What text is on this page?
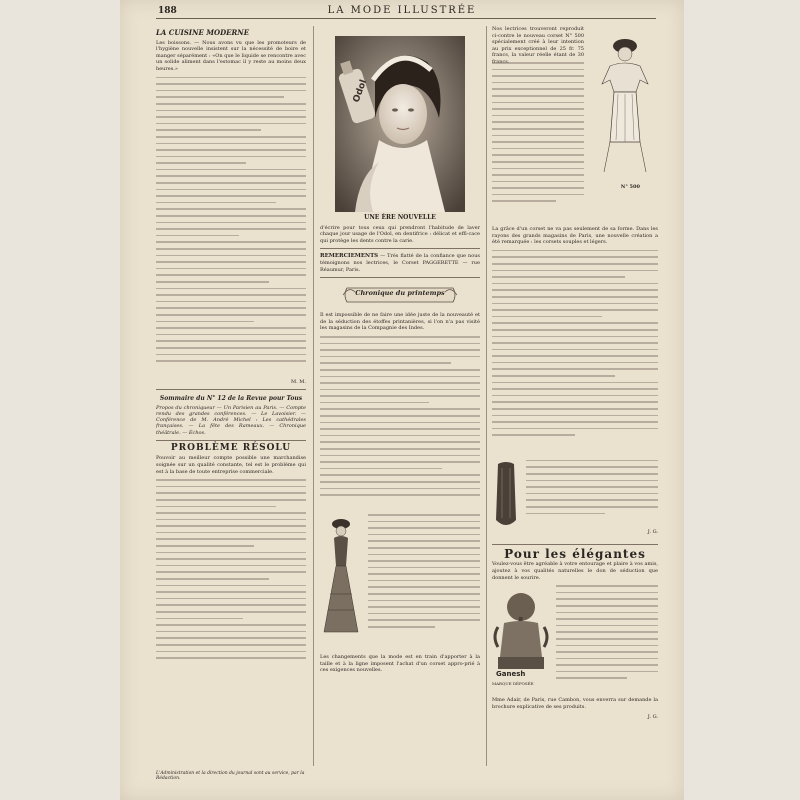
188	LA MODE ILLUSTRÉE
LA CUISINE MODERNE
Les boissons. — Nous avons vu que les promoteurs de l'hygiène nouvelle insistent sur la nécessité de boire et manger séparément : «On que le liquide se rencontre avec un solide aliment dans l'estomac il y reste au moins deux heures.»
M. M.
Sommaire du N° 12 de la Revue pour Tous
Propos du chroniqueur — Un Parisien au Paris. — Compte rendu des grandes conférences. — Le Lavoisier. — Conférence de M. André Michel : Les cathédrales françaises. — La fête des Rameaux. — Chronique théâtrale. — Échos.
PROBLÈME RÉSOLU
Pouvoir au meilleur compte possible une marchandise soignée sur un qualité constante, tel est le problème qui est à la base de toute entreprise commerciale.
L'Administration et la direction du journal sont au service, par la Rédaction.
Odol
UNE ÈRE NOUVELLE
d'écrire pour tous ceux qui prendront l'habitude de laver chaque jour usage de l'Odol, en dentifrice : délicat et effi-cace qui protège les dents contre la carie.
REMERCIEMENTS — Très flatté de la confiance que nous témoignons nos lectrices, le Corset PAGGERETTE — rue Réaumur, Paris.
Chronique du printemps
Il est impossible de ne faire une idée juste de la nouveauté et de la séduction des étoffes printanières, si l'on n'a pas visité les magasins de la Compagnie des Indes.
Les changements que la mode est en train d'apporter à la taille et à la ligne imposent l'achat d'un corset appro-prié à ces exigences nouvelles.
Nos lectrices trouveront reproduit ci-contre le nouveau corset N° 500 spécialement créé à leur intention au prix exceptionnel de 25 fr. 75 francs, la valeur réelle étant de 30
N° 500
La grâce d'un corset ne va pas seulement de sa forme. Dans les rayons des grands magasins de Paris, une nouvelle création a été remarquée : les corsets souples et légers.
J. G.
Pour les élégantes
Voulez-vous être agréable à votre entourage et plaire à vos amis, ajoutez à vos qualités naturelles le don de séduction que donnent le sourire.
Ganesh
MARQUE DÉPOSÉE
Mme Adair, de Paris, rue Cambon, vous enverra sur demande la brochure explicative de ses produits.
J. G.
